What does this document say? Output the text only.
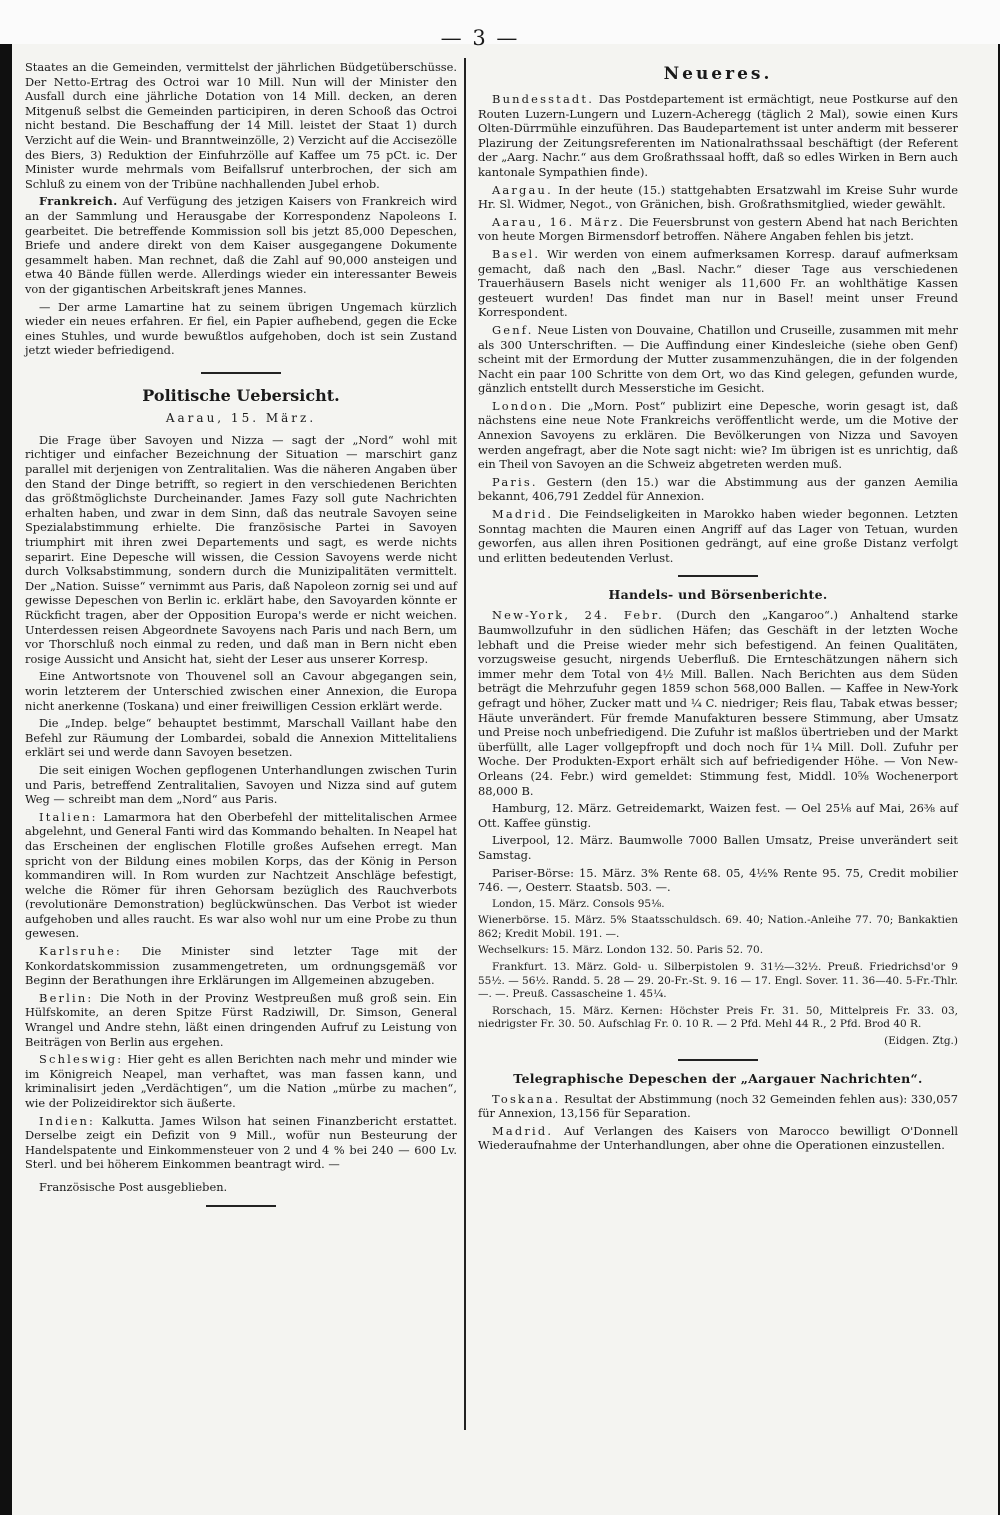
— 3 —

Staates an die Gemeinden, vermittelst der jährlichen Büdgetüberschüsse. Der Netto-Ertrag des Octroi war 10 Mill. Nun will der Minister den Ausfall durch eine jährliche Dotation von 14 Mill. decken, an deren Mitgenuß selbst die Gemeinden participiren, in deren Schooß das Octroi nicht bestand. Die Beschaffung der 14 Mill. leistet der Staat 1) durch Verzicht auf die Wein- und Branntweinzölle, 2) Verzicht auf die Accisezölle des Biers, 3) Reduktion der Einfuhrzölle auf Kaffee um 75 pCt. ic. Der Minister wurde mehrmals vom Beifallsruf unterbrochen, der sich am Schluß zu einem von der Tribüne nachhallenden Jubel erhob.

Frankreich. Auf Verfügung des jetzigen Kaisers von Frankreich wird an der Sammlung und Herausgabe der Korrespondenz Napoleons I. gearbeitet. Die betreffende Kommission soll bis jetzt 85,000 Depeschen, Briefe und andere direkt von dem Kaiser ausgegangene Dokumente gesammelt haben. Man rechnet, daß die Zahl auf 90,000 ansteigen und etwa 40 Bände füllen werde. Allerdings wieder ein interessanter Beweis von der gigantischen Arbeitskraft jenes Mannes.

— Der arme Lamartine hat zu seinem übrigen Ungemach kürzlich wieder ein neues erfahren. Er fiel, ein Papier aufhebend, gegen die Ecke eines Stuhles, und wurde bewußtlos aufgehoben, doch ist sein Zustand jetzt wieder befriedigend.

Politische Uebersicht.
Aarau, 15. März.

Die Frage über Savoyen und Nizza — sagt der „Nord“ wohl mit richtiger und einfacher Bezeichnung der Situation — marschirt ganz parallel mit derjenigen von Zentralitalien. Was die näheren Angaben über den Stand der Dinge betrifft, so regiert in den verschiedenen Berichten das größtmöglichste Durcheinander. James Fazy soll gute Nachrichten erhalten haben, und zwar in dem Sinn, daß das neutrale Savoyen seine Spezialabstimmung erhielte. Die französische Partei in Savoyen triumphirt mit ihren zwei Departements und sagt, es werde nichts separirt. Eine Depesche will wissen, die Cession Savoyens werde nicht durch Volksabstimmung, sondern durch die Munizipalitäten vermittelt. Der „Nation. Suisse“ vernimmt aus Paris, daß Napoleon zornig sei und auf gewisse Depeschen von Berlin ic. erklärt habe, den Savoyarden könnte er Rückficht tragen, aber der Opposition Europa's werde er nicht weichen. Unterdessen reisen Abgeordnete Savoyens nach Paris und nach Bern, um vor Thorschluß noch einmal zu reden, und daß man in Bern nicht eben rosige Aussicht und Ansicht hat, sieht der Leser aus unserer Korresp.

Eine Antwortsnote von Thouvenel soll an Cavour abgegangen sein, worin letzterem der Unterschied zwischen einer Annexion, die Europa nicht anerkenne (Toskana) und einer freiwilligen Cession erklärt werde.

Die „Indep. belge“ behauptet bestimmt, Marschall Vaillant habe den Befehl zur Räumung der Lombardei, sobald die Annexion Mittelitaliens erklärt sei und werde dann Savoyen besetzen.

Die seit einigen Wochen gepflogenen Unterhandlungen zwischen Turin und Paris, betreffend Zentralitalien, Savoyen und Nizza sind auf gutem Weg — schreibt man dem „Nord“ aus Paris.

Italien: Lamarmora hat den Oberbefehl der mittelitalischen Armee abgelehnt, und General Fanti wird das Kommando behalten. In Neapel hat das Erscheinen der englischen Flotille großes Aufsehen erregt. Man spricht von der Bildung eines mobilen Korps, das der König in Person kommandiren will. In Rom wurden zur Nachtzeit Anschläge befestigt, welche die Römer für ihren Gehorsam bezüglich des Rauchverbots (revolutionäre Demonstration) beglückwünschen. Das Verbot ist wieder aufgehoben und alles raucht. Es war also wohl nur um eine Probe zu thun gewesen.

Karlsruhe: Die Minister sind letzter Tage mit der Konkordatskommission zusammengetreten, um ordnungsgemäß vor Beginn der Berathungen ihre Erklärungen im Allgemeinen abzugeben.

Berlin: Die Noth in der Provinz Westpreußen muß groß sein. Ein Hülfskomite, an deren Spitze Fürst Radziwill, Dr. Simson, General Wrangel und Andre stehn, läßt einen dringenden Aufruf zu Leistung von Beiträgen von Berlin aus ergehen.

Schleswig: Hier geht es allen Berichten nach mehr und minder wie im Königreich Neapel, man verhaftet, was man fassen kann, und kriminalisirt jeden „Verdächtigen“, um die Nation „mürbe zu machen“, wie der Polizeidirektor sich äußerte.

Indien: Kalkutta. James Wilson hat seinen Finanzbericht erstattet. Derselbe zeigt ein Defizit von 9 Mill., wofür nun Besteurung der Handelspatente und Einkommensteuer von 2 und 4 % bei 240 — 600 Lv. Sterl. und bei höherem Einkommen beantragt wird. —

Französische Post ausgeblieben.

Neueres.

Bundesstadt. Das Postdepartement ist ermächtigt, neue Postkurse auf den Routen Luzern-Lungern und Luzern-Acheregg (täglich 2 Mal), sowie einen Kurs Olten-Dürrmühle einzuführen. Das Baudepartement ist unter anderm mit besserer Plazirung der Zeitungsreferenten im Nationalrathssaal beschäftigt (der Referent der „Aarg. Nachr.“ aus dem Großrathssaal hofft, daß so edles Wirken in Bern auch kantonale Sympathien finde).

Aargau. In der heute (15.) stattgehabten Ersatzwahl im Kreise Suhr wurde Hr. Sl. Widmer, Negot., von Gränichen, bish. Großrathsmitglied, wieder gewählt.

Aarau, 16. März. Die Feuersbrunst von gestern Abend hat nach Berichten von heute Morgen Birmensdorf betroffen. Nähere Angaben fehlen bis jetzt.

Basel. Wir werden von einem aufmerksamen Korresp. darauf aufmerksam gemacht, daß nach den „Basl. Nachr.“ dieser Tage aus verschiedenen Trauerhäusern Basels nicht weniger als 11,600 Fr. an wohlthätige Kassen gesteuert wurden! Das findet man nur in Basel! meint unser Freund Korrespondent.

Genf. Neue Listen von Douvaine, Chatillon und Cruseille, zusammen mit mehr als 300 Unterschriften. — Die Auffindung einer Kindesleiche (siehe oben Genf) scheint mit der Ermordung der Mutter zusammenzuhängen, die in der folgenden Nacht ein paar 100 Schritte von dem Ort, wo das Kind gelegen, gefunden wurde, gänzlich entstellt durch Messerstiche im Gesicht.

London. Die „Morn. Post“ publizirt eine Depesche, worin gesagt ist, daß nächstens eine neue Note Frankreichs veröffentlicht werde, um die Motive der Annexion Savoyens zu erklären. Die Bevölkerungen von Nizza und Savoyen werden angefragt, aber die Note sagt nicht: wie? Im übrigen ist es unrichtig, daß ein Theil von Savoyen an die Schweiz abgetreten werden muß.

Paris. Gestern (den 15.) war die Abstimmung aus der ganzen Aemilia bekannt, 406,791 Zeddel für Annexion.

Madrid. Die Feindseligkeiten in Marokko haben wieder begonnen. Letzten Sonntag machten die Mauren einen Angriff auf das Lager von Tetuan, wurden geworfen, aus allen ihren Positionen gedrängt, auf eine große Distanz verfolgt und erlitten bedeutenden Verlust.

Handels- und Börsenberichte.

New-York, 24. Febr. (Durch den „Kangaroo“.) Anhaltend starke Baumwollzufuhr in den südlichen Häfen; das Geschäft in der letzten Woche lebhaft und die Preise wieder mehr sich befestigend. An feinen Qualitäten, vorzugsweise gesucht, nirgends Ueberfluß. Die Ernteschätzungen nähern sich immer mehr dem Total von 4½ Mill. Ballen. Nach Berichten aus dem Süden beträgt die Mehrzufuhr gegen 1859 schon 568,000 Ballen. — Kaffee in New-York gefragt und höher, Zucker matt und ¼ C. niedriger; Reis flau, Tabak etwas besser; Häute unverändert. Für fremde Manufakturen bessere Stimmung, aber Umsatz und Preise noch unbefriedigend. Die Zufuhr ist maßlos übertrieben und der Markt überfüllt, alle Lager vollgepfropft und doch noch für 1¼ Mill. Doll. Zufuhr per Woche. Der Produkten-Export erhält sich auf befriedigender Höhe. — Von New-Orleans (24. Febr.) wird gemeldet: Stimmung fest, Middl. 10⅝ Wochenerport 88,000 B.

Hamburg, 12. März. Getreidemarkt, Waizen fest. — Oel 25⅛ auf Mai, 26⅜ auf Ott. Kaffee günstig.

Liverpool, 12. März. Baumwolle 7000 Ballen Umsatz, Preise unverändert seit Samstag.

Pariser-Börse: 15. März. 3% Rente 68. 05, 4½% Rente 95. 75, Credit mobilier 746. —, Oesterr. Staatsb. 503. —.

London, 15. März. Consols 95⅛.

Wienerbörse. 15. März. 5% Staatsschuldsch. 69. 40; Nation.-Anleihe 77. 70; Bankaktien 862; Kredit Mobil. 191. —.

Wechselkurs: 15. März. London 132. 50. Paris 52. 70.

Frankfurt. 13. März. Gold- u. Silberpistolen 9. 31½—32½. Preuß. Friedrichsd'or 9 55½. — 56½. Randd. 5. 28 — 29. 20-Fr.-St. 9. 16 — 17. Engl. Sover. 11. 36—40. 5-Fr.-Thlr. —. —. Preuß. Cassascheine 1. 45¼.

Rorschach, 15. März. Kernen: Höchster Preis Fr. 31. 50, Mittelpreis Fr. 33. 03, niedrigster Fr. 30. 50. Aufschlag Fr. 0. 10 R. — 2 Pfd. Mehl 44 R., 2 Pfd. Brod 40 R.

(Eidgen. Ztg.)

Telegraphische Depeschen der „Aargauer Nachrichten“.

Toskana. Resultat der Abstimmung (noch 32 Gemeinden fehlen aus): 330,057 für Annexion, 13,156 für Separation.

Madrid. Auf Verlangen des Kaisers von Marocco bewilligt O'Donnell Wiederaufnahme der Unterhandlungen, aber ohne die Operationen einzustellen.
